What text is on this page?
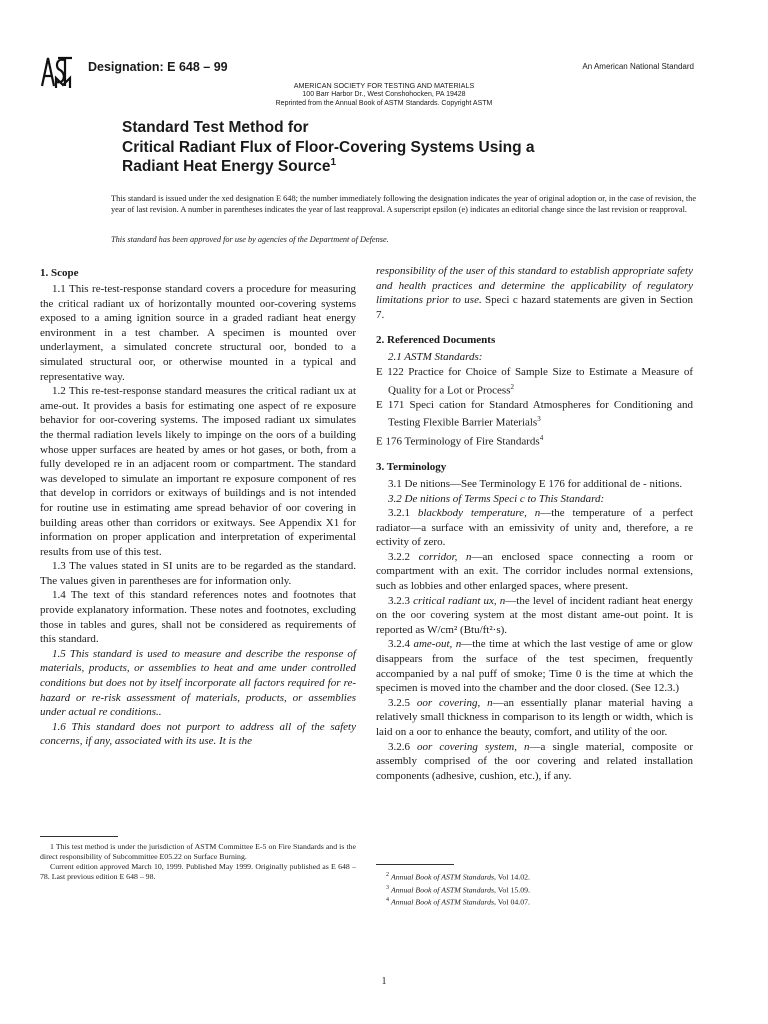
Designation: E 648 – 99	An American National Standard
AMERICAN SOCIETY FOR TESTING AND MATERIALS
100 Barr Harbor Dr., West Conshohocken, PA 19428
Reprinted from the Annual Book of ASTM Standards. Copyright ASTM
Standard Test Method for
Critical Radiant Flux of Floor-Covering Systems Using a
Radiant Heat Energy Source$^1$
This standard is issued under the xed designation E 648; the number immediately following the designation indicates the year of original adoption or, in the case of revision, the year of last revision. A number in parentheses indicates the year of last reapproval. A superscript epsilon (e) indicates an editorial change since the last revision or reapproval.
This standard has been approved for use by agencies of the Department of Defense.
1. Scope

1.1 This re-test-response standard covers a procedure for measuring the critical radiant ux of horizontally mounted oor-covering systems exposed to a aming ignition source in a graded radiant heat energy environment in a test chamber. A specimen is mounted over underlayment, a simulated concrete structural oor, bonded to a simulated structural oor, or otherwise mounted in a typical and representative way.

1.2 This re-test-response standard measures the critical radiant ux at ame-out. It provides a basis for estimating one aspect of re exposure behavior for oor-covering systems. The imposed radiant ux simulates the thermal radiation levels likely to impinge on the oors of a building whose upper surfaces are heated by ames or hot gases, or both, from a fully developed re in an adjacent room or compartment. The standard was developed to simulate an important re exposure component of res that develop in corridors or exitways of buildings and is not intended for routine use in estimating ame spread behavior of oor covering in building areas other than corridors or exitways. See Appendix X1 for information on proper application and interpretation of experimental results from use of this test.

1.3 The values stated in SI units are to be regarded as the standard. The values given in parentheses are for information only.

1.4 The text of this standard references notes and footnotes that provide explanatory information. These notes and footnotes, excluding those in tables and gures, shall not be considered as requirements of this standard.

1.5 This standard is used to measure and describe the response of materials, products, or assemblies to heat and ame under controlled conditions but does not by itself incorporate all factors required for re-hazard or re-risk assessment of materials, products, or assemblies under actual re conditions..

1.6 This standard does not purport to address all of the safety concerns, if any, associated with its use. It is the

responsibility of the user of this standard to establish appropriate safety and health practices and determine the applicability of regulatory limitations prior to use. Speci c hazard statements are given in Section 7.

2. Referenced Documents

2.1 ASTM Standards:

E 122 Practice for Choice of Sample Size to Estimate a Measure of Quality for a Lot or Process$^2$

E 171 Speci cation for Standard Atmospheres for Conditioning and Testing Flexible Barrier Materials$^3$

E 176 Terminology of Fire Standards$^4$

3. Terminology

3.1 De nitions—See Terminology E 176 for additional de - nitions.

3.2 De nitions of Terms Speci c to This Standard:

3.2.1 blackbody temperature, n—the temperature of a perfect radiator—a surface with an emissivity of unity and, therefore, a re ectivity of zero.

3.2.2 corridor, n—an enclosed space connecting a room or compartment with an exit. The corridor includes normal extensions, such as lobbies and other enlarged spaces, where present.

3.2.3 critical radiant ux, n—the level of incident radiant heat energy on the oor covering system at the most distant ame-out point. It is reported as W/cm² (Btu/ft²·s).

3.2.4 ame-out, n—the time at which the last vestige of ame or glow disappears from the surface of the test specimen, frequently accompanied by a nal puff of smoke; Time 0 is the time at which the specimen is moved into the chamber and the door closed. (See 12.3.)

3.2.5 oor covering, n—an essentially planar material having a relatively small thickness in comparison to its length or width, which is laid on a oor to enhance the beauty, comfort, and utility of the oor.

3.2.6 oor covering system, n—a single material, composite or assembly comprised of the oor covering and related installation components (adhesive, cushion, etc.), if any.

1 This test method is under the jurisdiction of ASTM Committee E-5 on Fire Standards and is the direct responsibility of Subcommittee E05.22 on Surface Burning.

Current edition approved March 10, 1999. Published May 1999. Originally published as E 648 – 78. Last previous edition E 648 – 98.	$^2$ Annual Book of ASTM Standards, Vol 14.02.

$^3$ Annual Book of ASTM Standards, Vol 15.09.

$^4$ Annual Book of ASTM Standards, Vol 04.07.

1
